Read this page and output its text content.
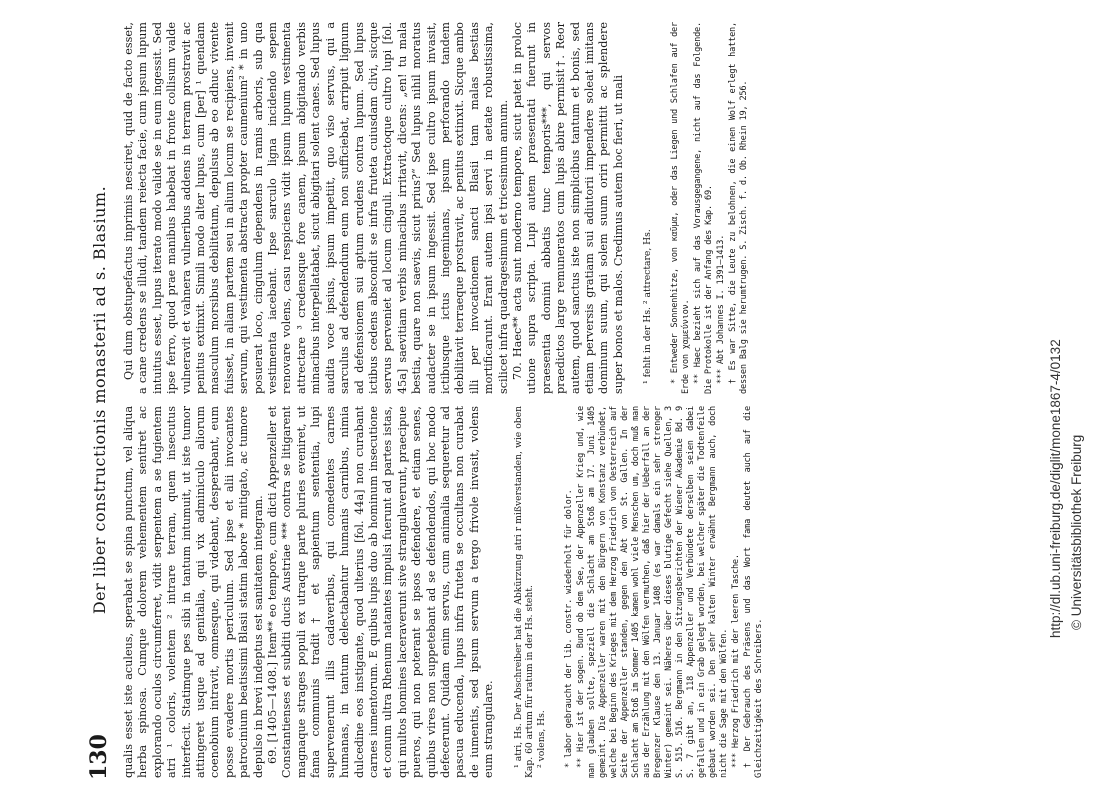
130
Der liber constructionis monasterii ad s. Blasium. qualis esset iste aculeus, sperabat se spina punctum, vel aliqua herba spinosa. Cumque dolorem vehementem sentiret ac explorando oculos circumferret, vidit serpentem a se fugientem atri ¹ coloris, volentem ² intrare terram, quem insecutus interfecit. Statimque pes sibi in tantum intumuit, ut iste tumor attingeret usque ad genitalia, qui vix adminiculo aliorum coenobium intravit, omnesque, qui videbant, desperabant, eum posse evadere mortis periculum. Sed ipse et alii invocantes patrocinium beatissimi Blasii statim labore * mitigato, ac tumore depulso in brevi indeptus est sanitatem integram. 69. [1405—1408.] Item** eo tempore, cum dicti Appenzeller et Constantienses et subditi ducis Austriae *** contra se litigarent magnaque strages populi ex utraque parte pluries eveniret, ut fama communis tradit† et sapientum sententia, lupi supervenerunt illis cadaveribus, qui comedentes carnes humanas, in tantum delectabantur humanis carnibus, nimia dulcedine eos instigante, quod ulterius [fol. 44a] non curabant carnes iumentorum. E quibus lupis duo ab hominum insecutione et conum ultra Rhenum natantes impulsi fuerunt ad partes istas, qui multos homines laceraverunt sive strangulaverunt, praecipue pueros, qui non poterant se ipsos defendere, et etiam senes, quibus vires non suppetebant ad se defendendos, qui hoc modo defecerunt. Quidam enim servus, cum animalia sequeretur ad pascua educenda, lupus infra fruteta se occultans non curabat de iumentis, sed ipsum servum a tergo frivole invasit, volens eum strangulare. ¹ atri, Hs. Der Abschreiber hat die Abkürzung atri r mißverstanden, wie oben Kap. 60 artum für ratum in der Hs. steht. ² volens, Hs. * labor gebraucht der lib. constr. wiederholt für dolor. ** Hier ist der sogen. Bund ob dem See, der Appenzeller Krieg und, wie man glauben sollte, speziell die Schlacht am Stoß am 17. Juni 1405 gemeint. Die Appenzeller waren mit den Bürgern von Konstanz verbündet, welche bei Beginn des Krieges mit dem Herzog Friedrich von Oesterreich auf Seite der Appenzeller standen, gegen den Abt von St. Gallen. In der Schlacht am Stoß im Sommer 1405 kamen wohl viele Menschen um, doch muß man aus der Erzählung mit den Wölfen vermuthen, daß hier der Ueberfall an der Bregenzer Klause den 13. Januar 1408 (es war damals ein sehr strenger Winter) gemeint sei. Näheres über dieses blutige Gefecht siehe Quellen, 3 S. 515. 516. Bergmann in den Sitzungsberichten der Wiener Akademie Bd. 9 S. 7 gibt an, 118 Appenzeller und Verbündete derselben seien dabei gefallen und in ein Grab gelegt worden, bei welcher später die Todtenfeile gebaut worden sei. Den sehr kalten Winter erwähnt Bergmann auch, doch nicht die Sage mit den Wölfen. *** Herzog Friedrich mit der leeren Tasche. † Der Gebrauch des Präsens und das Wort fama deutet auch auf die Gleichzeitigkeit des Schreibers.

Qui dum obstupefactus inprimis nesciret, quid de facto esset, a cane credens se illudi, tandem reiecta facie, cum ipsum lupum intuitus esset, lupus iterato modo valide se in eum ingessit. Sed ipse ferro, quod prae manibus habebat in fronte collisum valde vulneravit et vahnera vulneribus addens in terram prostravit ac penitus extinxit. Simili modo alter lupus, cum [per] ¹ quendam masculum morsibus debilitatum, depulsus ab eo adhuc vivente fuisset, in aliam partem seu in alium locum se recipiens, invenit servum, qui vestimenta abstracta propter caumenium² * in uno posuerat loco, cingulum dependens in ramis arboris, sub qua vestimenta iacebant. Ipse sarculo ligna incidendo sepem renovare volens, casu respiciens vidit ipsum lupum vestimenta attrectare ³ credensque fore canem, ipsum abigitando verbis minacibus interpellatabat, sicut abigitari solent canes. Sed lupus audita voce ipsius, ipsum impetiit, quo viso servus, qui a sarculus ad defendendum eum non sufficiebat, arripuit lignum ad defensionem sui aptum erudens contra lupum. Sed lupus ictibus cedens abscondit se infra fruteta cuiusdam clivi, sicque servus perveniet ad locum cinguli. Extractoque cultro lupi [fol. 45a] saevitiam verbis minacibus irritavit, dicens: „en! tu mala bestia, quare non saevis, sicut prius?“ Sed lupus nihil moratus audacter se in ipsum ingessit. Sed ipse cultro ipsum invasit, ictibusque ictus ingeminans, ipsum perforando tandem debilitavit terraeque prostravit, ac penitus extinxit. Sicque ambo illi per invocationem sancti Blasii tam malas bestias mortificarunt. Erant autem ipsi servi in aetate robustissima, scilicet infra quadragesimum et tricesimum annum. 70. Haec** acta sunt moderno tempore, sicut patet in proloc utione supra scripta. Lupi autem praesentati fuerunt in praesentia domini abbatis tunc temporis***, qui servos praedictos large remuneratos cum lupis abire permisit†. Reor autem, quod sanctus iste non simplicibus tantum et bonis, sed etiam perversis gratiam sui adiutorii impendere soleat imitans dominum suum, qui solem suum oriri permittit ac splendere super bonos et malos. Credimus autem hoc fieri, ut mali ¹ fehlt in der Hs. ² attrectare, Hs. * Entweder Sonnenhitze, von καῦμα, oder das Liegen und Schlafen auf der Erde von χαμεύνιον. ** Haec bezieht sich auf das Vorausgegangene, nicht auf das Folgende. Die Protokolle ist der Anfang des Kap. 69. *** Abt Johannes I. 1391—1413. † Es war Sitte, die Leute zu belohnen, die einen Wolf erlegt hatten, dessen Balg sie herumtrugen. S. Zisch. f. d. Ob. Rhein 19, 256.

http://dl.ub.uni-freiburg.de/diglit/mone1867-4/0132 © Universitätsbibliothek Freiburg
